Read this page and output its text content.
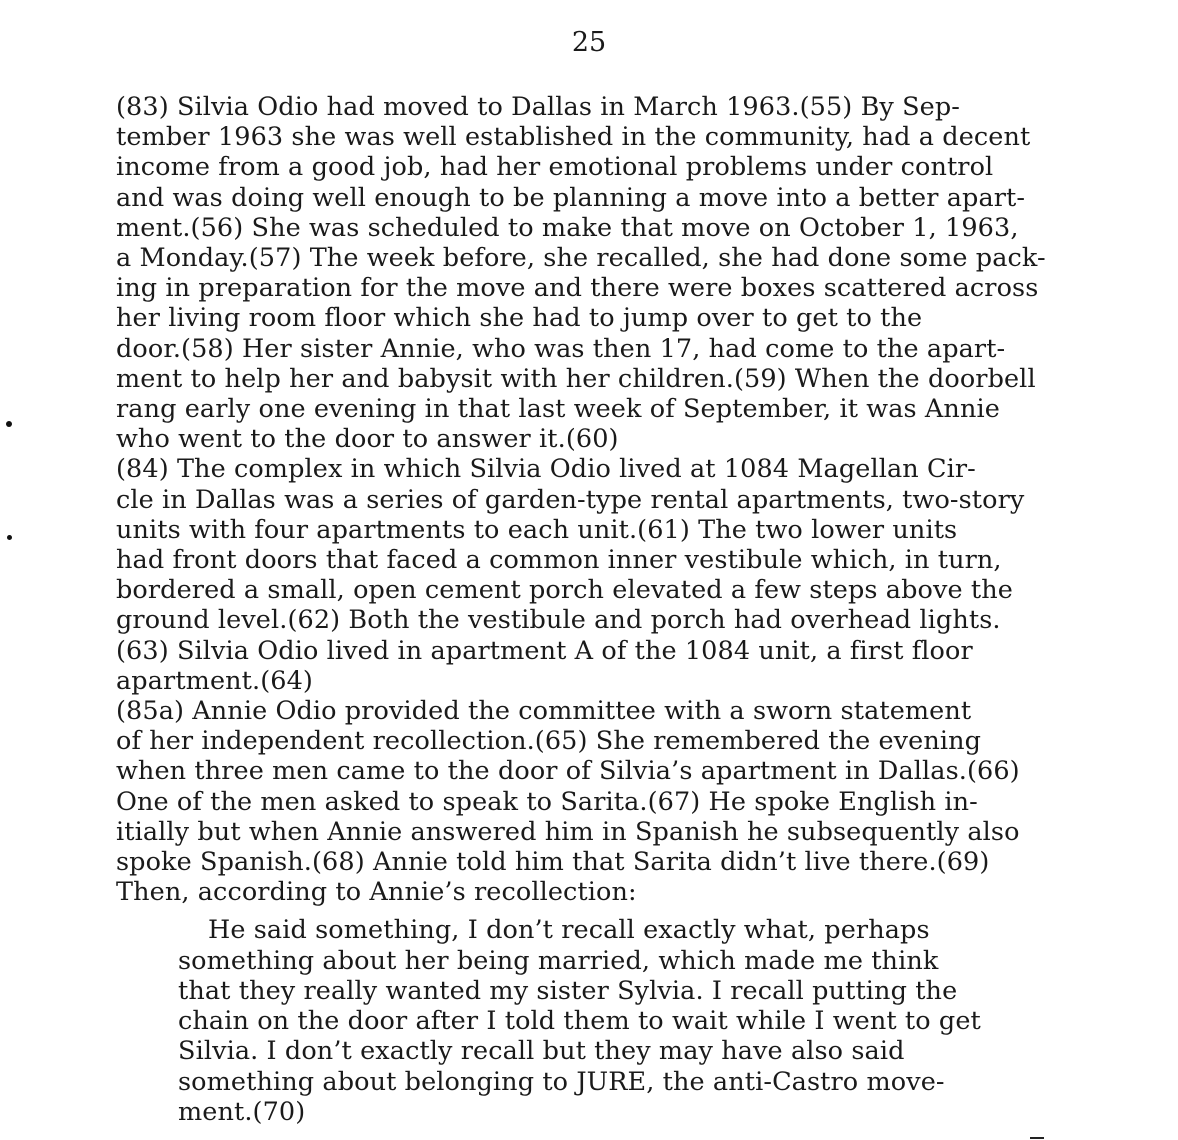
25

(83) Silvia Odio had moved to Dallas in March 1963.(55) By Sep-
tember 1963 she was well established in the community, had a decent
income from a good job, had her emotional problems under control
and was doing well enough to be planning a move into a better apart-
ment.(56) She was scheduled to make that move on October 1, 1963,
a Monday.(57) The week before, she recalled, she had done some pack-
ing in preparation for the move and there were boxes scattered across
her living room floor which she had to jump over to get to the
door.(58) Her sister Annie, who was then 17, had come to the apart-
ment to help her and babysit with her children.(59) When the doorbell
rang early one evening in that last week of September, it was Annie
who went to the door to answer it.(60)

(84) The complex in which Silvia Odio lived at 1084 Magellan Cir-
cle in Dallas was a series of garden-type rental apartments, two-story
units with four apartments to each unit.(61) The two lower units
had front doors that faced a common inner vestibule which, in turn,
bordered a small, open cement porch elevated a few steps above the
ground level.(62) Both the vestibule and porch had overhead lights.
(63) Silvia Odio lived in apartment A of the 1084 unit, a first floor
apartment.(64)

(85a) Annie Odio provided the committee with a sworn statement
of her independent recollection.(65) She remembered the evening
when three men came to the door of Silvia’s apartment in Dallas.(66)
One of the men asked to speak to Sarita.(67) He spoke English in-
itially but when Annie answered him in Spanish he subsequently also
spoke Spanish.(68) Annie told him that Sarita didn’t live there.(69)
Then, according to Annie’s recollection:

He said something, I don’t recall exactly what, perhaps
something about her being married, which made me think
that they really wanted my sister Sylvia. I recall putting the
chain on the door after I told them to wait while I went to get
Silvia. I don’t exactly recall but they may have also said
something about belonging to JURE, the anti-Castro move-
ment.(70)
